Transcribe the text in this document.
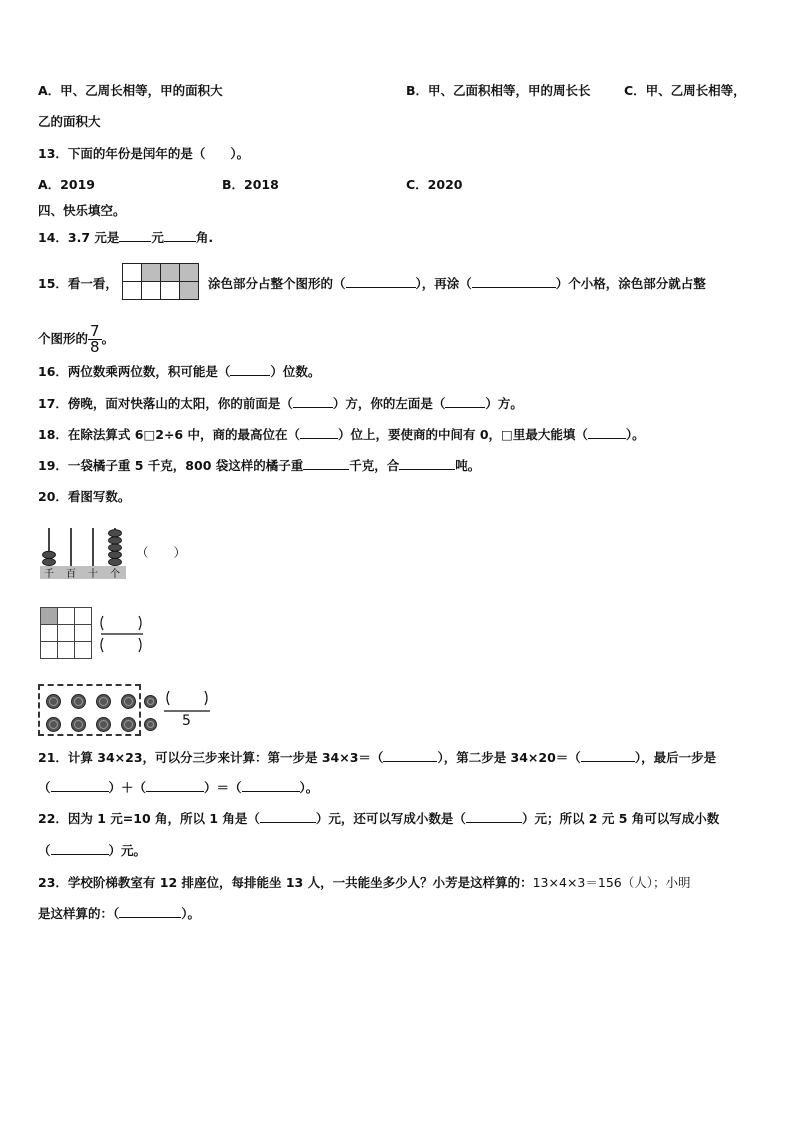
A．甲、乙周长相等，甲的面积大	B．甲、乙面积相等，甲的周长长	C．甲、乙周长相等，
乙的面积大
13．下面的年份是闰年的是（　　）。
A．2019	B．2018	C．2020
四、快乐填空。
14．3.7 元是	元	角.
15．看一看，

				涂色部分占整个图形的（	），再涂（	）个小格，涂色部分就占整
个图形的 $\frac{7}{8}$ 。
16．两位数乘两位数，积可能是（	）位数。
17．傍晚，面对快落山的太阳，你的前面是（	）方，你的左面是（	）方。
18．在除法算式 6□2÷6 中，商的最高位在（	）位上，要使商的中间有 0，□里最大能填（	）。
19．一袋橘子重 5 千克，800 袋这样的橘子重	千克，合	吨。
20．看图写数。
千 百 十 个
（　　）

5
21．计算 34×23，可以分三步来计算：第一步是 34×3＝（	），第二步是 34×20＝（	），最后一步是
（	）＋（	）＝（	）。
22．因为 1 元=10 角，所以 1 角是（	）元，还可以写成小数是（	）元；所以 2 元 5 角可以写成小数
（	）元。
23．学校阶梯教室有 12 排座位，每排能坐 13 人，一共能坐多少人？小芳是这样算的：13×4×3＝156（人）；小明
是这样算的：（	）。
